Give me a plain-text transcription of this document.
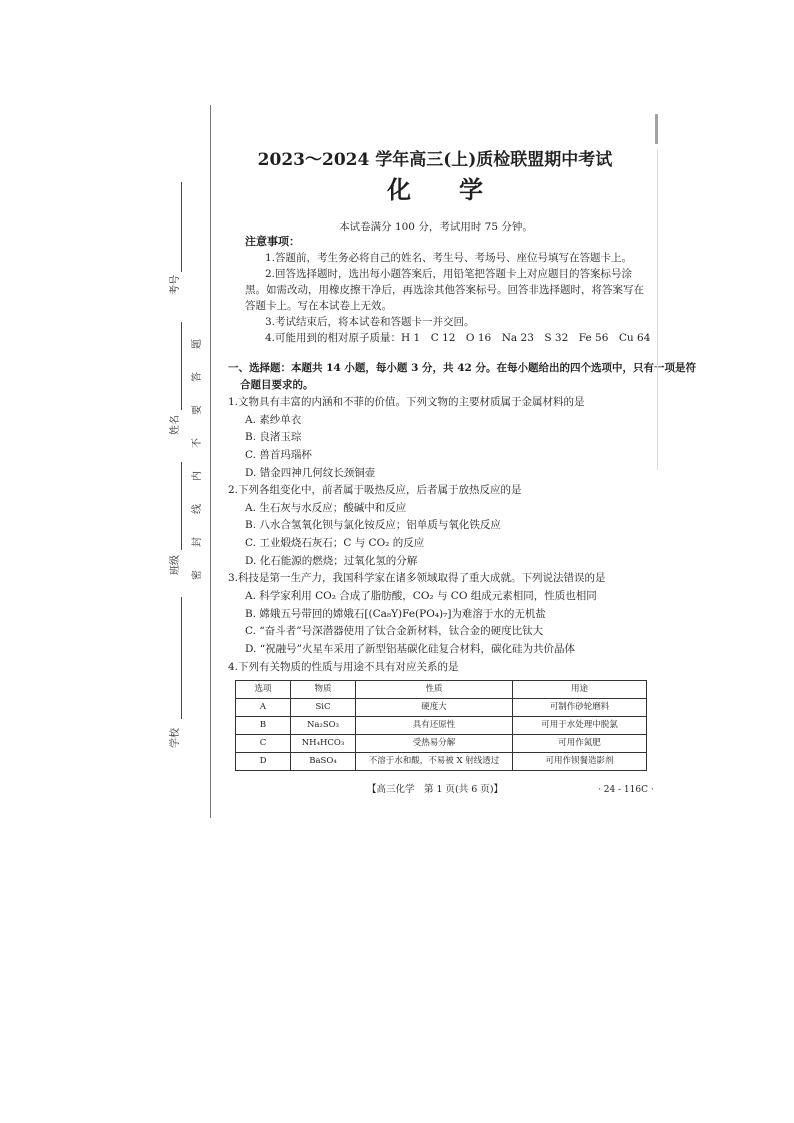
考号
姓名
班级
学校
密封线内不要答题
2023～2024 学年高三(上)质检联盟期中考试
化　　学
本试卷满分 100 分，考试用时 75 分钟。
注意事项：
1.答题前，考生务必将自己的姓名、考生号、考场号、座位号填写在答题卡上。
2.回答选择题时，选出每小题答案后，用铅笔把答题卡上对应题目的答案标号涂
黑。如需改动，用橡皮擦干净后，再选涂其他答案标号。回答非选择题时，将答案写在
答题卡上。写在本试卷上无效。
3.考试结束后，将本试卷和答题卡一并交回。
4.可能用到的相对原子质量：H 1　C 12　O 16　Na 23　S 32　Fe 56　Cu 64
一、选择题：本题共 14 小题，每小题 3 分，共 42 分。在每小题给出的四个选项中，只有一项是符
合题目要求的。
1.文物具有丰富的内涵和不菲的价值。下列文物的主要材质属于金属材料的是
A. 素纱单衣
B. 良渚玉琮
C. 兽首玛瑙杯
D. 错金四神几何纹长颈铜壶
2.下列各组变化中，前者属于吸热反应，后者属于放热反应的是
A. 生石灰与水反应；酸碱中和反应
B. 八水合氢氧化钡与氯化铵反应；铝单质与氧化铁反应
C. 工业煅烧石灰石；C 与 CO₂ 的反应
D. 化石能源的燃烧；过氧化氢的分解
3.科技是第一生产力，我国科学家在诸多领域取得了重大成就。下列说法错误的是
A. 科学家利用 CO₂ 合成了脂肪酸，CO₂ 与 CO 组成元素相同，性质也相同
B. 嫦娥五号带回的嫦娥石[(Ca₈Y)Fe(PO₄)₇]为难溶于水的无机盐
C. “奋斗者”号深潜器使用了钛合金新材料，钛合金的硬度比钛大
D. “祝融号”火星车采用了新型铝基碳化硅复合材料，碳化硅为共价晶体
4.下列有关物质的性质与用途不具有对应关系的是
选项	物质	性质	用途
A	SiC	硬度大	可制作砂轮磨料
B	Na₂SO₃	具有还原性	可用于水处理中脱氯
C	NH₄HCO₃	受热易分解	可用作氮肥
D	BaSO₄	不溶于水和酸，不易被 X 射线透过	可用作钡餐造影剂
【高三化学　第 1 页(共 6 页)】	· 24 - 116C ·
